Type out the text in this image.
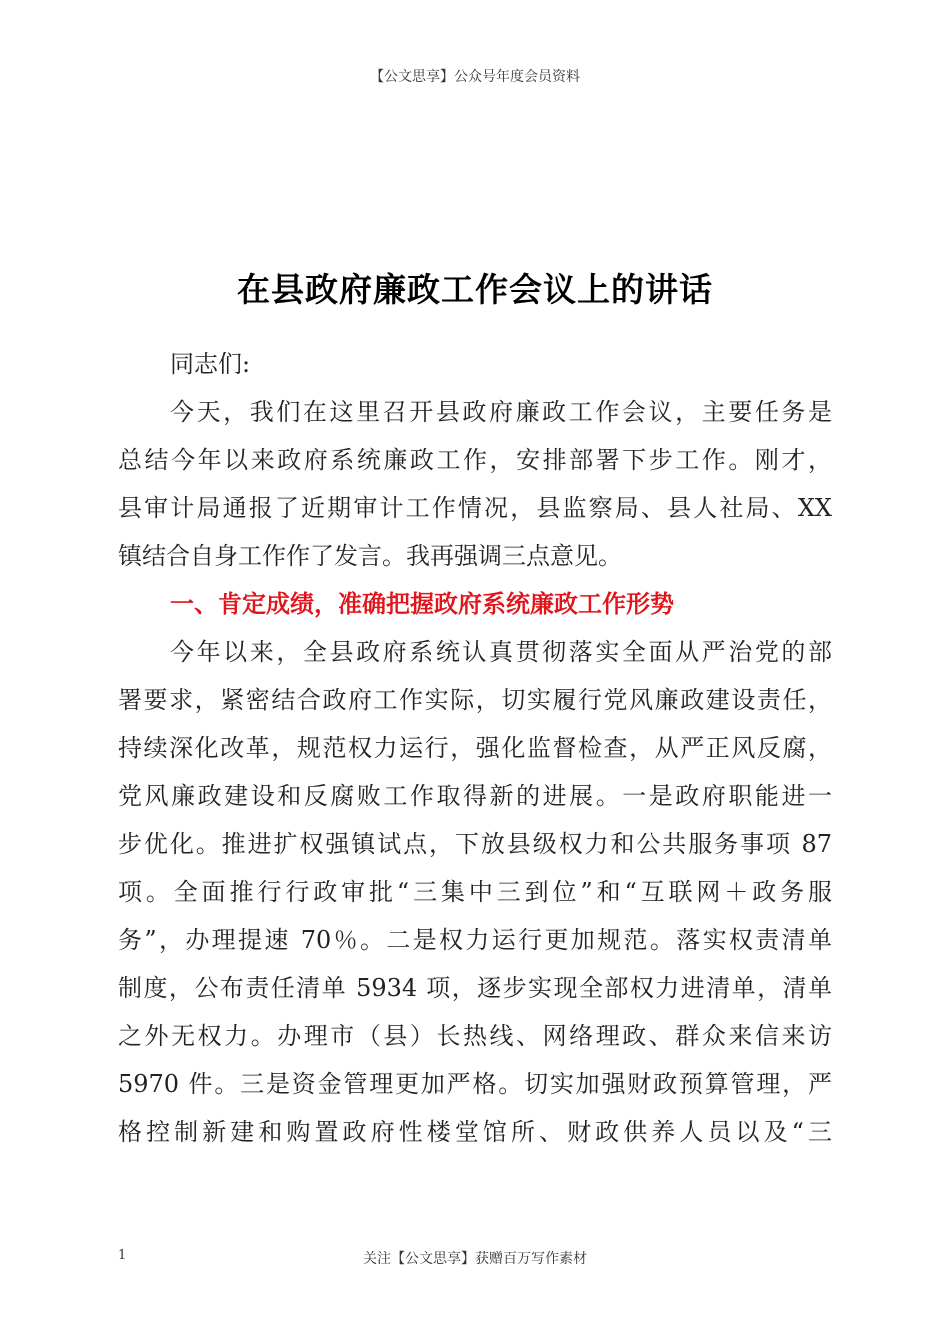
【公文思享】公众号年度会员资料
在县政府廉政工作会议上的讲话
同志们:
今天，我们在这里召开县政府廉政工作会议，主要任务是
总结今年以来政府系统廉政工作，安排部署下步工作。刚才，
县审计局通报了近期审计工作情况，县监察局、县人社局、XX
镇结合自身工作作了发言。我再强调三点意见。
一、肯定成绩，准确把握政府系统廉政工作形势
今年以来，全县政府系统认真贯彻落实全面从严治党的部
署要求，紧密结合政府工作实际，切实履行党风廉政建设责任，
持续深化改革，规范权力运行，强化监督检查，从严正风反腐，
党风廉政建设和反腐败工作取得新的进展。一是政府职能进一
步优化。推进扩权强镇试点，下放县级权力和公共服务事项 87
项。全面推行行政审批“三集中三到位”和“互联网＋政务服
务”，办理提速 70％。二是权力运行更加规范。落实权责清单
制度，公布责任清单 5934 项，逐步实现全部权力进清单，清单
之外无权力。办理市（县）长热线、网络理政、群众来信来访
5970 件。三是资金管理更加严格。切实加强财政预算管理，严
格控制新建和购置政府性楼堂馆所、财政供养人员以及“三
1	关注【公文思享】获赠百万写作素材
